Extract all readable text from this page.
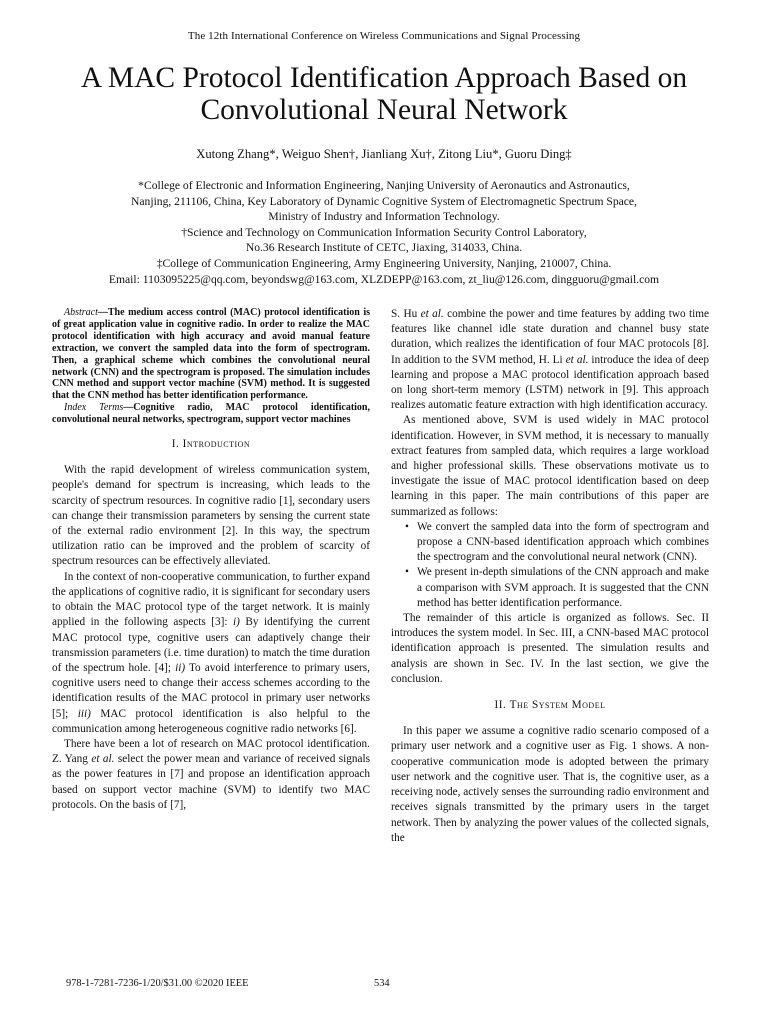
The 12th International Conference on Wireless Communications and Signal Processing
A MAC Protocol Identification Approach Based on
Convolutional Neural Network
Xutong Zhang*, Weiguo Shen†, Jianliang Xu†, Zitong Liu*, Guoru Ding‡
*College of Electronic and Information Engineering, Nanjing University of Aeronautics and Astronautics,
Nanjing, 211106, China, Key Laboratory of Dynamic Cognitive System of Electromagnetic Spectrum Space,
Ministry of Industry and Information Technology.
†Science and Technology on Communication Information Security Control Laboratory,
No.36 Research Institute of CETC, Jiaxing, 314033, China.
‡College of Communication Engineering, Army Engineering University, Nanjing, 210007, China.
Email: 1103095225@qq.com, beyondswg@163.com, XLZDEPP@163.com, zt_liu@126.com, dingguoru@gmail.com

Abstract—The medium access control (MAC) protocol identification is of great application value in cognitive radio. In order to realize the MAC protocol identification with high accuracy and avoid manual feature extraction, we convert the sampled data into the form of spectrogram. Then, a graphical scheme which combines the convolutional neural network (CNN) and the spectrogram is proposed. The simulation includes CNN method and support vector machine (SVM) method. It is suggested that the CNN method has better identification performance.

Index Terms—Cognitive radio, MAC protocol identification, convolutional neural networks, spectrogram, support vector machines

I. Introduction

With the rapid development of wireless communication system, people's demand for spectrum is increasing, which leads to the scarcity of spectrum resources. In cognitive radio [1], secondary users can change their transmission parameters by sensing the current state of the external radio environment [2]. In this way, the spectrum utilization ratio can be improved and the problem of scarcity of spectrum resources can be effectively alleviated.

In the context of non-cooperative communication, to further expand the applications of cognitive radio, it is significant for secondary users to obtain the MAC protocol type of the target network. It is mainly applied in the following aspects [3]: i) By identifying the current MAC protocol type, cognitive users can adaptively change their transmission parameters (i.e. time duration) to match the time duration of the spectrum hole. [4]; ii) To avoid interference to primary users, cognitive users need to change their access schemes according to the identification results of the MAC protocol in primary user networks [5]; iii) MAC protocol identification is also helpful to the communication among heterogeneous cognitive radio networks [6].

There have been a lot of research on MAC protocol identification. Z. Yang et al. select the power mean and variance of received signals as the power features in [7] and propose an identification approach based on support vector machine (SVM) to identify two MAC protocols. On the basis of [7],

S. Hu et al. combine the power and time features by adding two time features like channel idle state duration and channel busy state duration, which realizes the identification of four MAC protocols [8]. In addition to the SVM method, H. Li et al. introduce the idea of deep learning and propose a MAC protocol identification approach based on long short-term memory (LSTM) network in [9]. This approach realizes automatic feature extraction with high identification accuracy.

As mentioned above, SVM is used widely in MAC protocol identification. However, in SVM method, it is necessary to manually extract features from sampled data, which requires a large workload and higher professional skills. These observations motivate us to investigate the issue of MAC protocol identification based on deep learning in this paper. The main contributions of this paper are summarized as follows:

• We convert the sampled data into the form of spectrogram and propose a CNN-based identification approach which combines the spectrogram and the convolutional neural network (CNN).
• We present in-depth simulations of the CNN approach and make a comparison with SVM approach. It is suggested that the CNN method has better identification performance.

The remainder of this article is organized as follows. Sec. II introduces the system model. In Sec. III, a CNN-based MAC protocol identification approach is presented. The simulation results and analysis are shown in Sec. IV. In the last section, we give the conclusion.

II. The System Model

In this paper we assume a cognitive radio scenario composed of a primary user network and a cognitive user as Fig. 1 shows. A non-cooperative communication mode is adopted between the primary user network and the cognitive user. That is, the cognitive user, as a receiving node, actively senses the surrounding radio environment and receives signals transmitted by the primary users in the target network. Then by analyzing the power values of the collected signals, the

978-1-7281-7236-1/20/$31.00 ©2020 IEEE	534
